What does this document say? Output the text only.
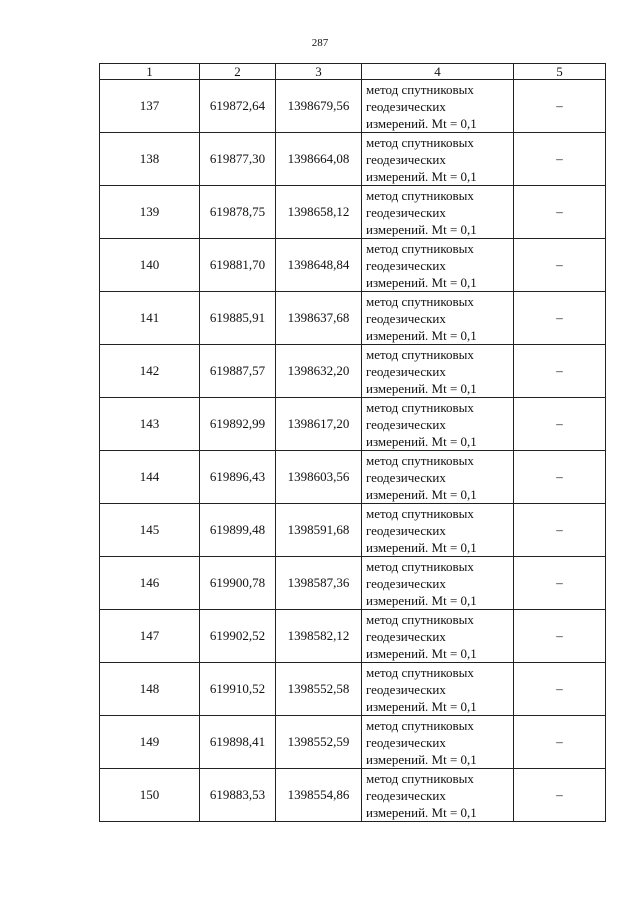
287
1	2	3	4	5
137	619872,64	1398679,56	метод спутниковых
геодезических
измерений. Mt = 0,1	–
138	619877,30	1398664,08	метод спутниковых
геодезических
измерений. Mt = 0,1	–
139	619878,75	1398658,12	метод спутниковых
геодезических
измерений. Mt = 0,1	–
140	619881,70	1398648,84	метод спутниковых
геодезических
измерений. Mt = 0,1	–
141	619885,91	1398637,68	метод спутниковых
геодезических
измерений. Mt = 0,1	–
142	619887,57	1398632,20	метод спутниковых
геодезических
измерений. Mt = 0,1	–
143	619892,99	1398617,20	метод спутниковых
геодезических
измерений. Mt = 0,1	–
144	619896,43	1398603,56	метод спутниковых
геодезических
измерений. Mt = 0,1	–
145	619899,48	1398591,68	метод спутниковых
геодезических
измерений. Mt = 0,1	–
146	619900,78	1398587,36	метод спутниковых
геодезических
измерений. Mt = 0,1	–
147	619902,52	1398582,12	метод спутниковых
геодезических
измерений. Mt = 0,1	–
148	619910,52	1398552,58	метод спутниковых
геодезических
измерений. Mt = 0,1	–
149	619898,41	1398552,59	метод спутниковых
геодезических
измерений. Mt = 0,1	–
150	619883,53	1398554,86	метод спутниковых
геодезических
измерений. Mt = 0,1	–
